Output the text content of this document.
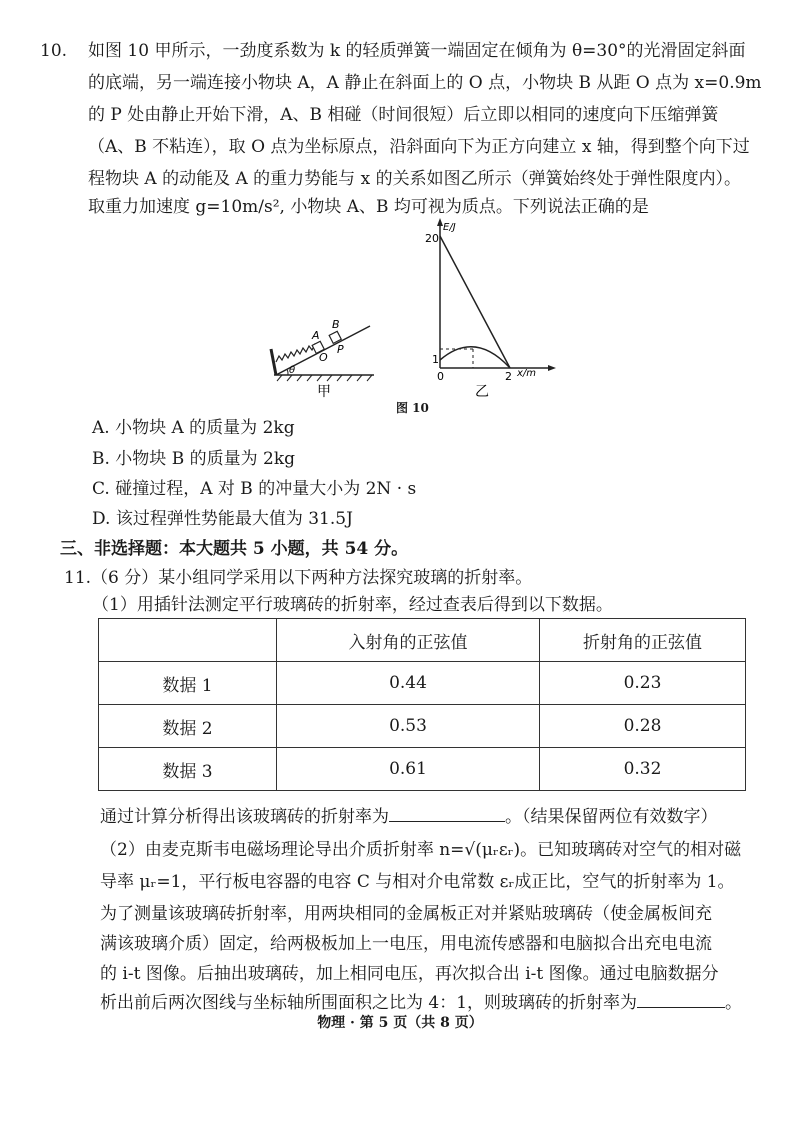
10. 如图 10 甲所示，一劲度系数为 k 的轻质弹簧一端固定在倾角为 θ=30°的光滑固定斜面
的底端，另一端连接小物块 A，A 静止在斜面上的 O 点，小物块 B 从距 O 点为 x=0.9m
的 P 处由静止开始下滑，A、B 相碰（时间很短）后立即以相同的速度向下压缩弹簧
（A、B 不粘连），取 O 点为坐标原点，沿斜面向下为正方向建立 x 轴，得到整个向下过
程物块 A 的动能及 A 的重力势能与 x 的关系如图乙所示（弹簧始终处于弹性限度内）。
取重力加速度 g=10m/s², 小物块 A、B 均可视为质点。下列说法正确的是
A
B
O
P
θ
甲
E/J
x/m
20
1
0	2
乙
图 10
A. 小物块 A 的质量为 2kg
B. 小物块 B 的质量为 2kg
C. 碰撞过程，A 对 B 的冲量大小为 2N · s
D. 该过程弹性势能最大值为 31.5J
三、非选择题：本大题共 5 小题，共 54 分。
11.（6 分）某小组同学采用以下两种方法探究玻璃的折射率。
（1）用插针法测定平行玻璃砖的折射率，经过查表后得到以下数据。
	入射角的正弦值	折射角的正弦值
数据 1	0.44	0.23
数据 2	0.53	0.28
数据 3	0.61	0.32
通过计算分析得出该玻璃砖的折射率为	。（结果保留两位有效数字）
（2）由麦克斯韦电磁场理论导出介质折射率 n=√(μᵣεᵣ)。已知玻璃砖对空气的相对磁
导率 μᵣ=1，平行板电容器的电容 C 与相对介电常数 εᵣ成正比，空气的折射率为 1。
为了测量该玻璃砖折射率，用两块相同的金属板正对并紧贴玻璃砖（使金属板间充
满该玻璃介质）固定，给两极板加上一电压，用电流传感器和电脑拟合出充电电流
的 i-t 图像。后抽出玻璃砖，加上相同电压，再次拟合出 i-t 图像。通过电脑数据分
析出前后两次图线与坐标轴所围面积之比为 4：1，则玻璃砖的折射率为	。
物理 · 第 5 页（共 8 页）
